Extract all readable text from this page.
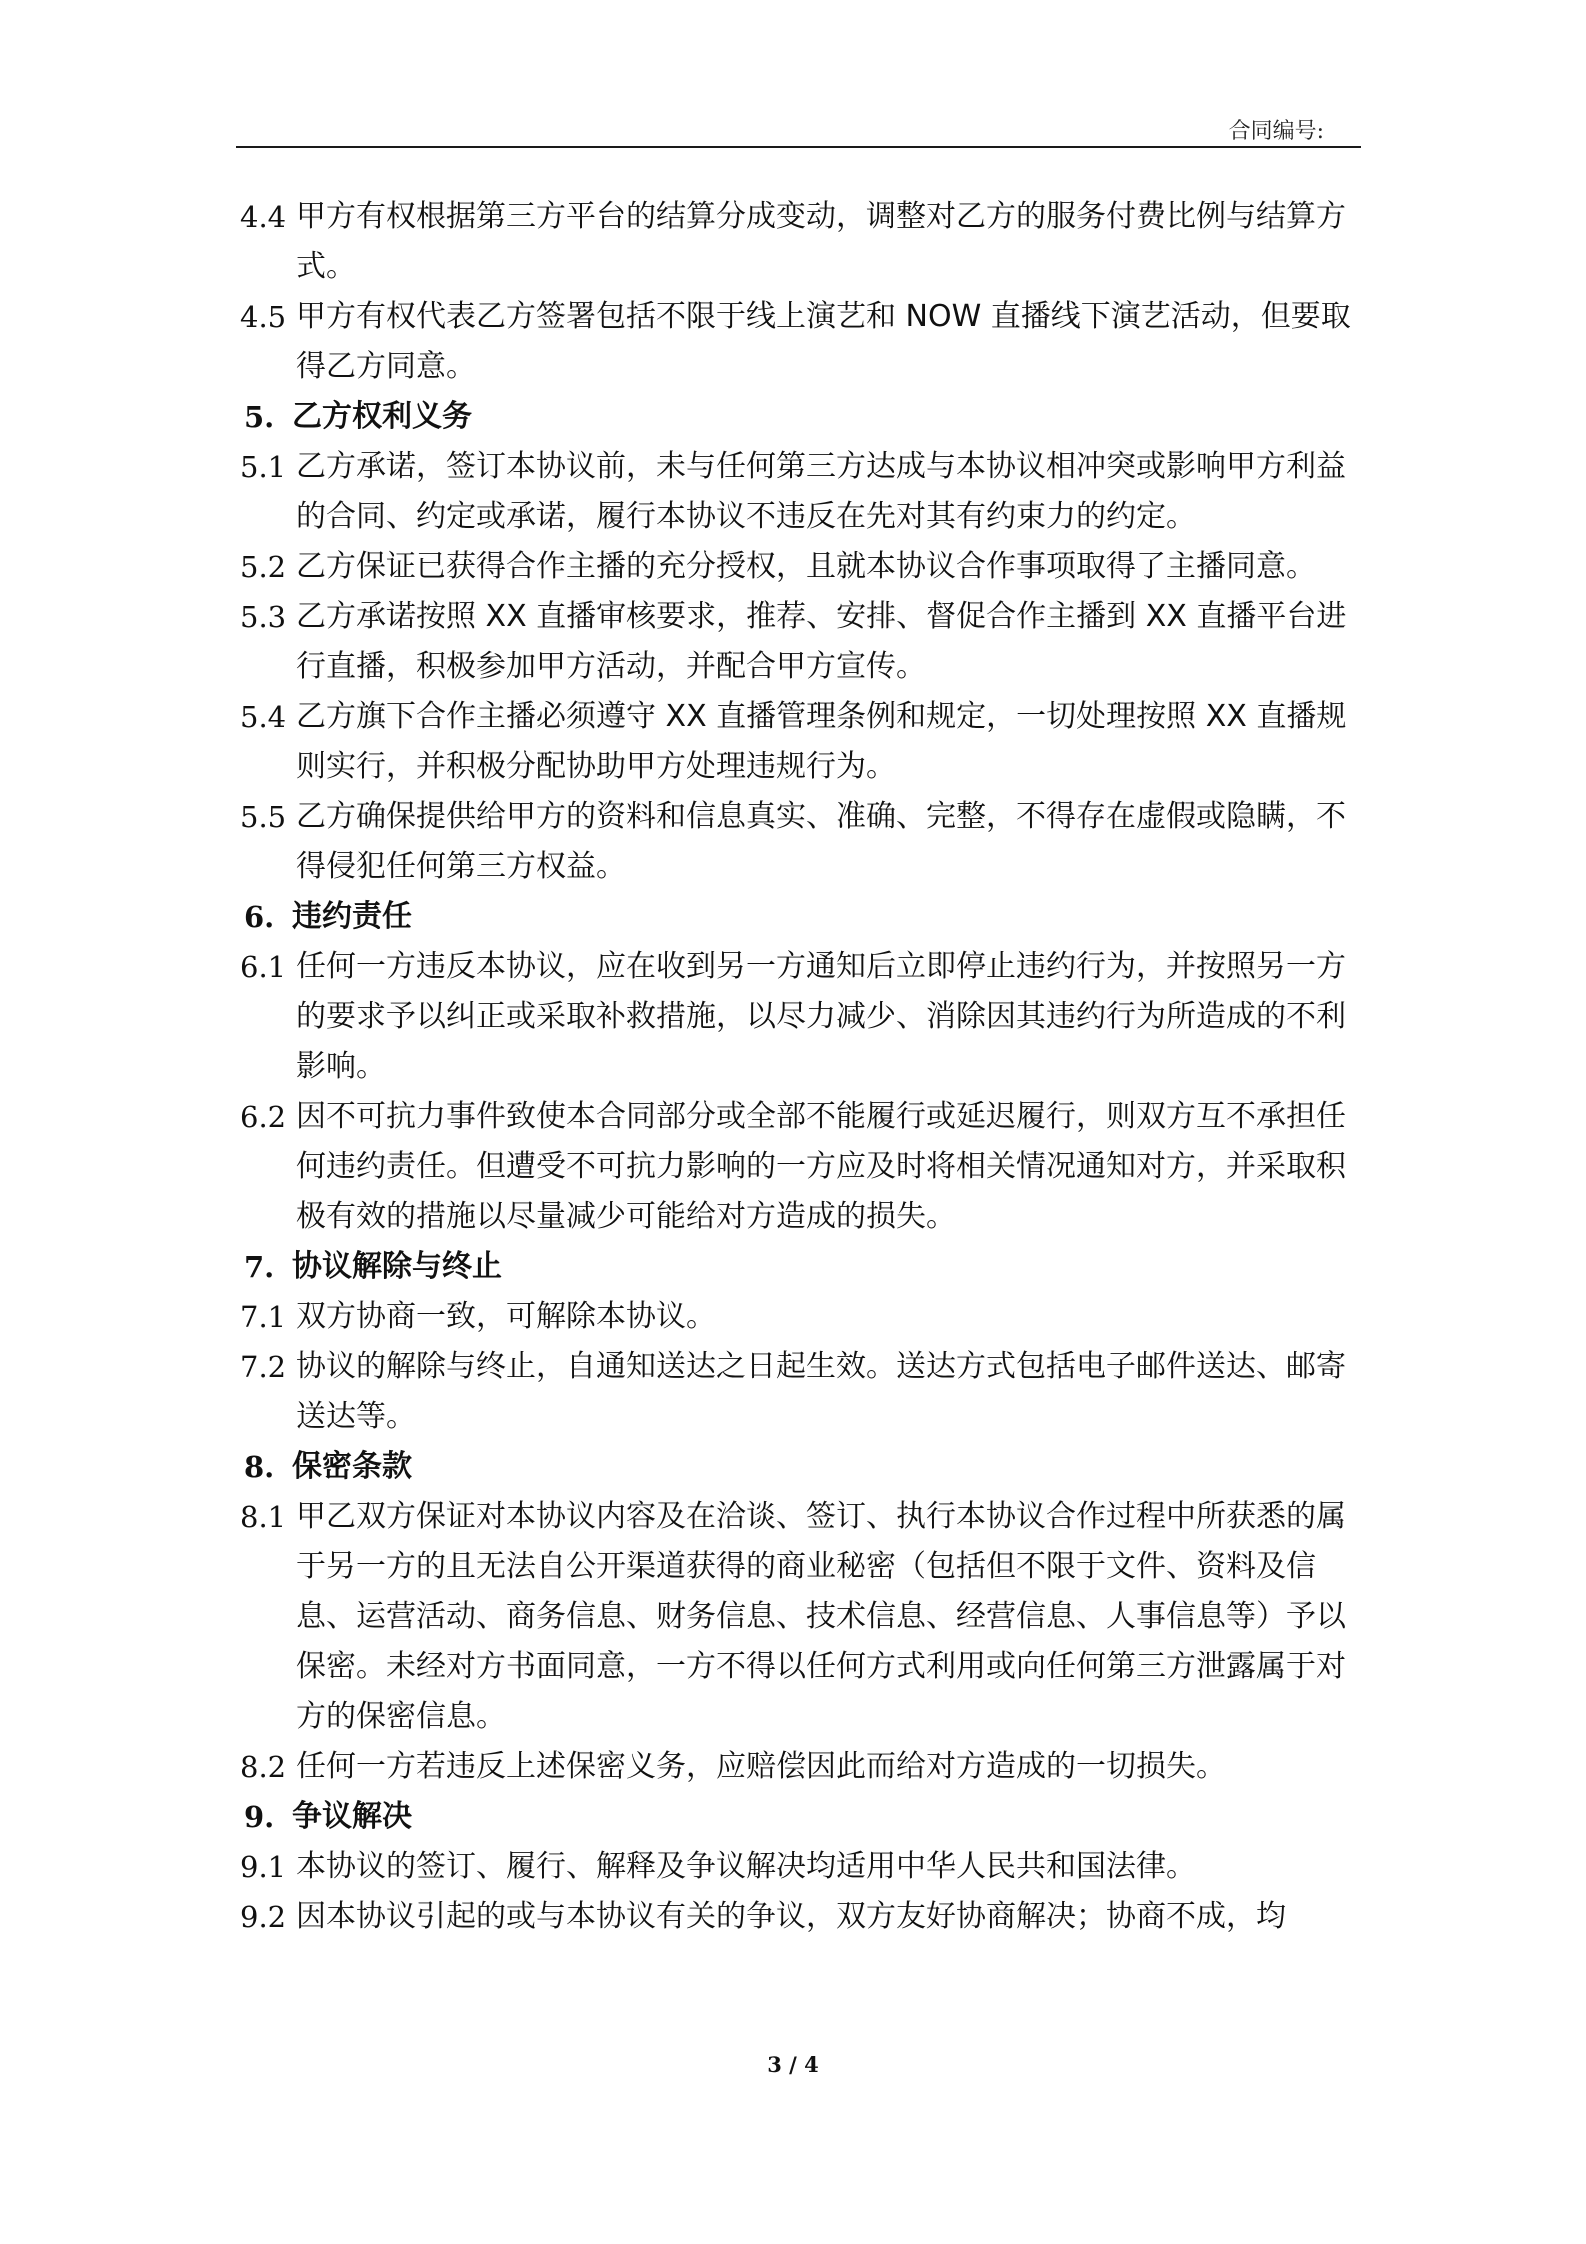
合同编号:
4.4 甲方有权根据第三方平台的结算分成变动，调整对乙方的服务付费比例与结算方式。
4.5 甲方有权代表乙方签署包括不限于线上演艺和 NOW 直播线下演艺活动，但要取得乙方同意。
5. 乙方权利义务
5.1 乙方承诺，签订本协议前，未与任何第三方达成与本协议相冲突或影响甲方利益的合同、约定或承诺，履行本协议不违反在先对其有约束力的约定。
5.2 乙方保证已获得合作主播的充分授权，且就本协议合作事项取得了主播同意。
5.3 乙方承诺按照 XX 直播审核要求，推荐、安排、督促合作主播到 XX 直播平台进行直播，积极参加甲方活动，并配合甲方宣传。
5.4 乙方旗下合作主播必须遵守 XX 直播管理条例和规定，一切处理按照 XX 直播规则实行，并积极分配协助甲方处理违规行为。
5.5 乙方确保提供给甲方的资料和信息真实、准确、完整，不得存在虚假或隐瞒，不得侵犯任何第三方权益。
6. 违约责任
6.1 任何一方违反本协议，应在收到另一方通知后立即停止违约行为，并按照另一方的要求予以纠正或采取补救措施，以尽力减少、消除因其违约行为所造成的不利影响。
6.2 因不可抗力事件致使本合同部分或全部不能履行或延迟履行，则双方互不承担任何违约责任。但遭受不可抗力影响的一方应及时将相关情况通知对方，并采取积极有效的措施以尽量减少可能给对方造成的损失。
7. 协议解除与终止
7.1 双方协商一致，可解除本协议。
7.2 协议的解除与终止，自通知送达之日起生效。送达方式包括电子邮件送达、邮寄送达等。
8. 保密条款
8.1 甲乙双方保证对本协议内容及在洽谈、签订、执行本协议合作过程中所获悉的属于另一方的且无法自公开渠道获得的商业秘密（包括但不限于文件、资料及信息、运营活动、商务信息、财务信息、技术信息、经营信息、人事信息等）予以保密。未经对方书面同意，一方不得以任何方式利用或向任何第三方泄露属于对方的保密信息。
8.2 任何一方若违反上述保密义务，应赔偿因此而给对方造成的一切损失。
9. 争议解决
9.1 本协议的签订、履行、解释及争议解决均适用中华人民共和国法律。
9.2 因本协议引起的或与本协议有关的争议，双方友好协商解决；协商不成，均
3 / 4
